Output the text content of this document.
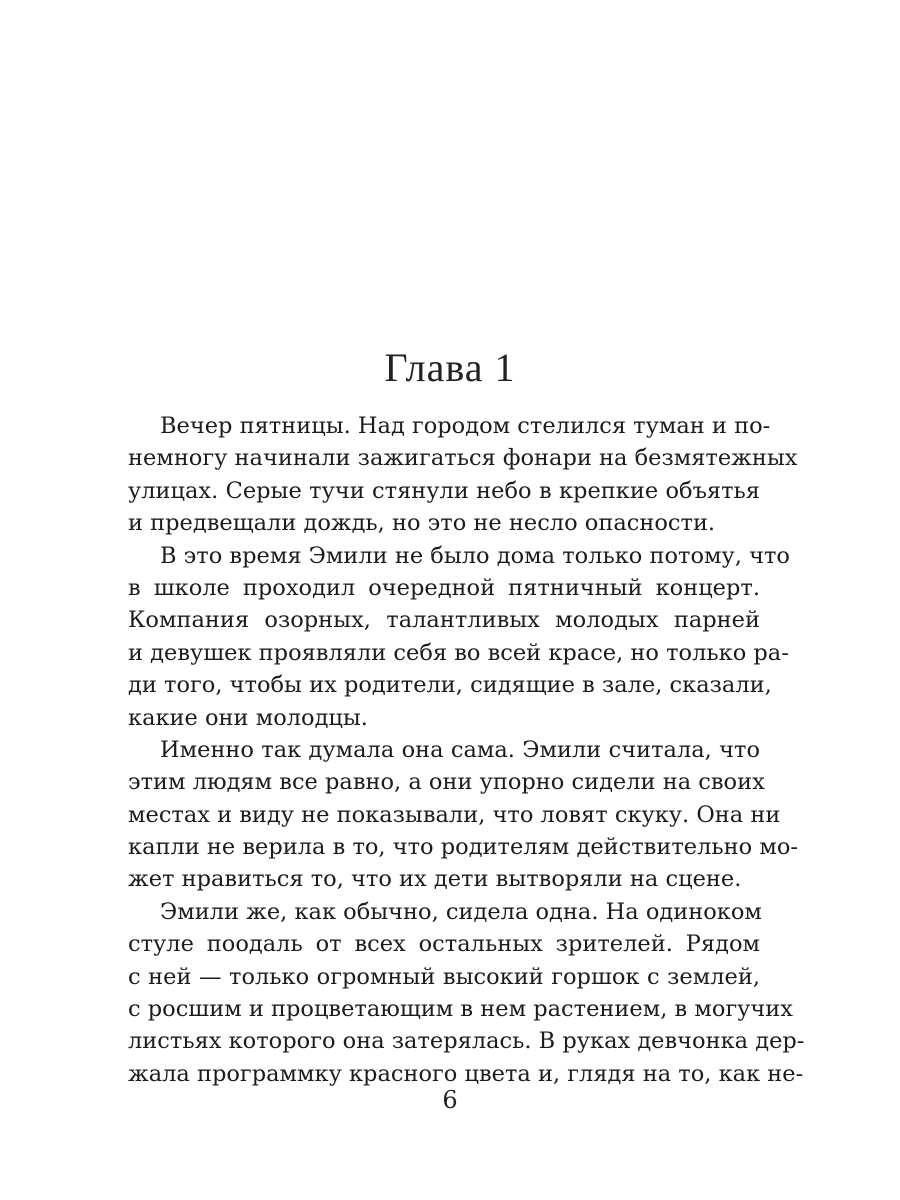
Глава 1
Вечер пятницы. Над городом стелился туман и по-
немногу начинали зажигаться фонари на безмятежных
улицах. Серые тучи стянули небо в крепкие объятья
и предвещали дождь, но это не несло опасности.
В это время Эмили не было дома только потому, что
в школе проходил очередной пятничный концерт.
Компания озорных, талантливых молодых парней
и девушек проявляли себя во всей красе, но только ра-
ди того, чтобы их родители, сидящие в зале, сказали,
какие они молодцы.
Именно так думала она сама. Эмили считала, что
этим людям все равно, а они упорно сидели на своих
местах и виду не показывали, что ловят скуку. Она ни
капли не верила в то, что родителям действительно мо-
жет нравиться то, что их дети вытворяли на сцене.
Эмили же, как обычно, сидела одна. На одиноком
стуле поодаль от всех остальных зрителей. Рядом
с ней — только огромный высокий горшок с землей,
с росшим и процветающим в нем растением, в могучих
листьях которого она затерялась. В руках девчонка дер-
жала программку красного цвета и, глядя на то, как не-
6
